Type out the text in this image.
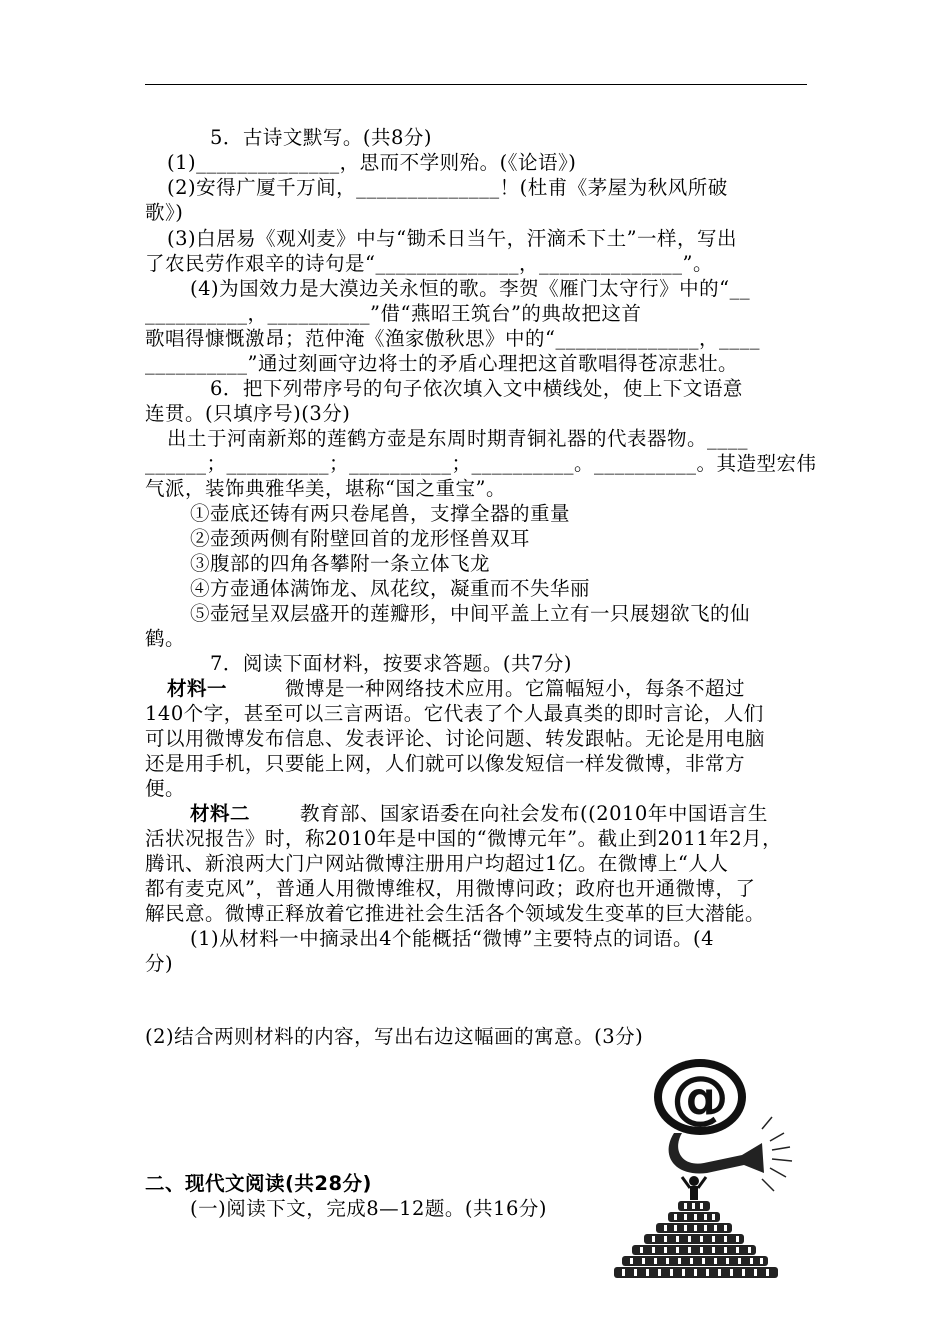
5．古诗文默写。(共8分)
(1)______________，思而不学则殆。(《论语》)
(2)安得广厦千万间，______________！(杜甫《茅屋为秋风所破
歌》)
(3)白居易《观刈麦》中与“锄禾日当午，汗滴禾下土”一样，写出
了农民劳作艰辛的诗句是“______________，______________”。
(4)为国效力是大漠边关永恒的歌。李贺《雁门太守行》中的“__
__________，__________”借“燕昭王筑台”的典故把这首
歌唱得慷慨激昂；范仲淹《渔家傲秋思》中的“______________，____
__________”通过刻画守边将士的矛盾心理把这首歌唱得苍凉悲壮。
6．把下列带序号的句子依次填入文中横线处，使上下文语意
连贯。(只填序号)(3分)
出土于河南新郑的莲鹤方壶是东周时期青铜礼器的代表器物。____
______；__________；__________；__________。__________。其造型宏伟
气派，装饰典雅华美，堪称“国之重宝”。
①壶底还铸有两只卷尾兽，支撑全器的重量
②壶颈两侧有附壁回首的龙形怪兽双耳
③腹部的四角各攀附一条立体飞龙
④方壶通体满饰龙、凤花纹，凝重而不失华丽
⑤壶冠呈双层盛开的莲瓣形，中间平盖上立有一只展翅欲飞的仙
鹤。
7．阅读下面材料，按要求答题。(共7分)
材料一	微博是一种网络技术应用。它篇幅短小，每条不超过
140个字，甚至可以三言两语。它代表了个人最真类的即时言论，人们
可以用微博发布信息、发表评论、讨论问题、转发跟帖。无论是用电脑
还是用手机，只要能上网，人们就可以像发短信一样发微博，非常方
便。
材料二	教育部、国家语委在向社会发布((2010年中国语言生
活状况报告》时，称2010年是中国的“微博元年”。截止到2011年2月，
腾讯、新浪两大门户网站微博注册用户均超过1亿。在微博上“人人
都有麦克风”，普通人用微博维权，用微博问政；政府也开通微博，了
解民意。微博正释放着它推进社会生活各个领域发生变革的巨大潜能。
(1)从材料一中摘录出4个能概括“微博”主要特点的词语。(4
分)
(2)结合两则材料的内容，写出右边这幅画的寓意。(3分)
二、现代文阅读(共28分)
(一)阅读下文，完成8—12题。(共16分)
@
